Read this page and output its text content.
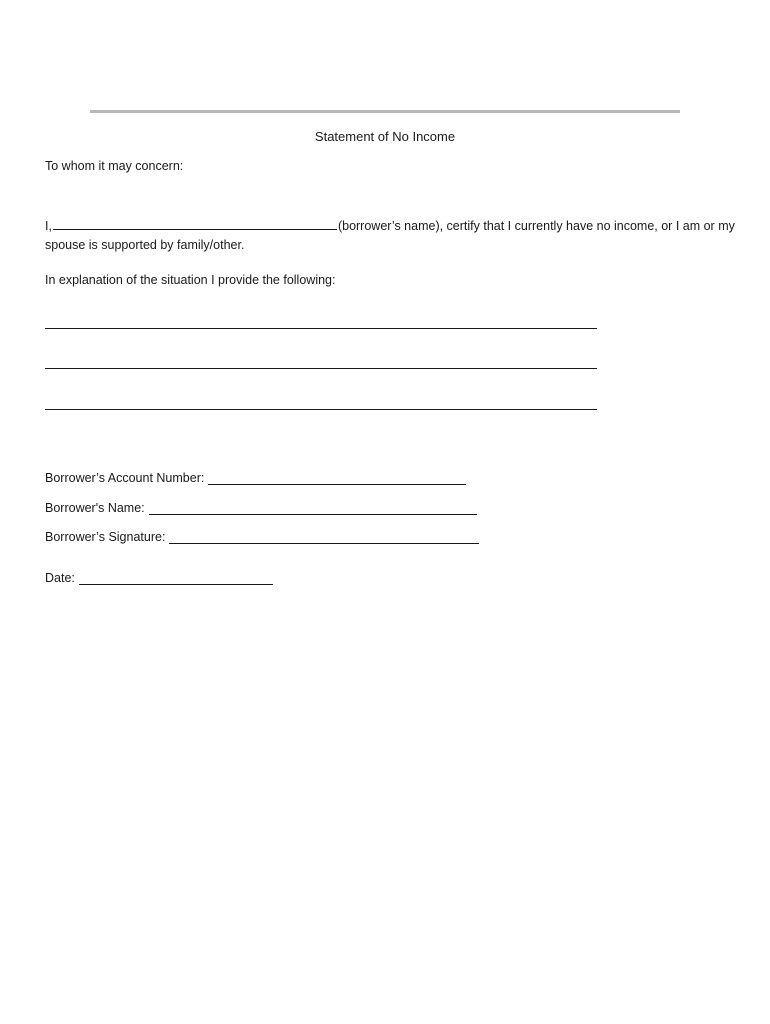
Statement of No Income
To whom it may concern:
I,	(borrower’s name), certify that I currently have no income, or I am or my spouse is supported by family/other.
In explanation of the situation I provide the following:
Borrower’s Account Number:
Borrower's Name:
Borrower’s Signature:
Date:
